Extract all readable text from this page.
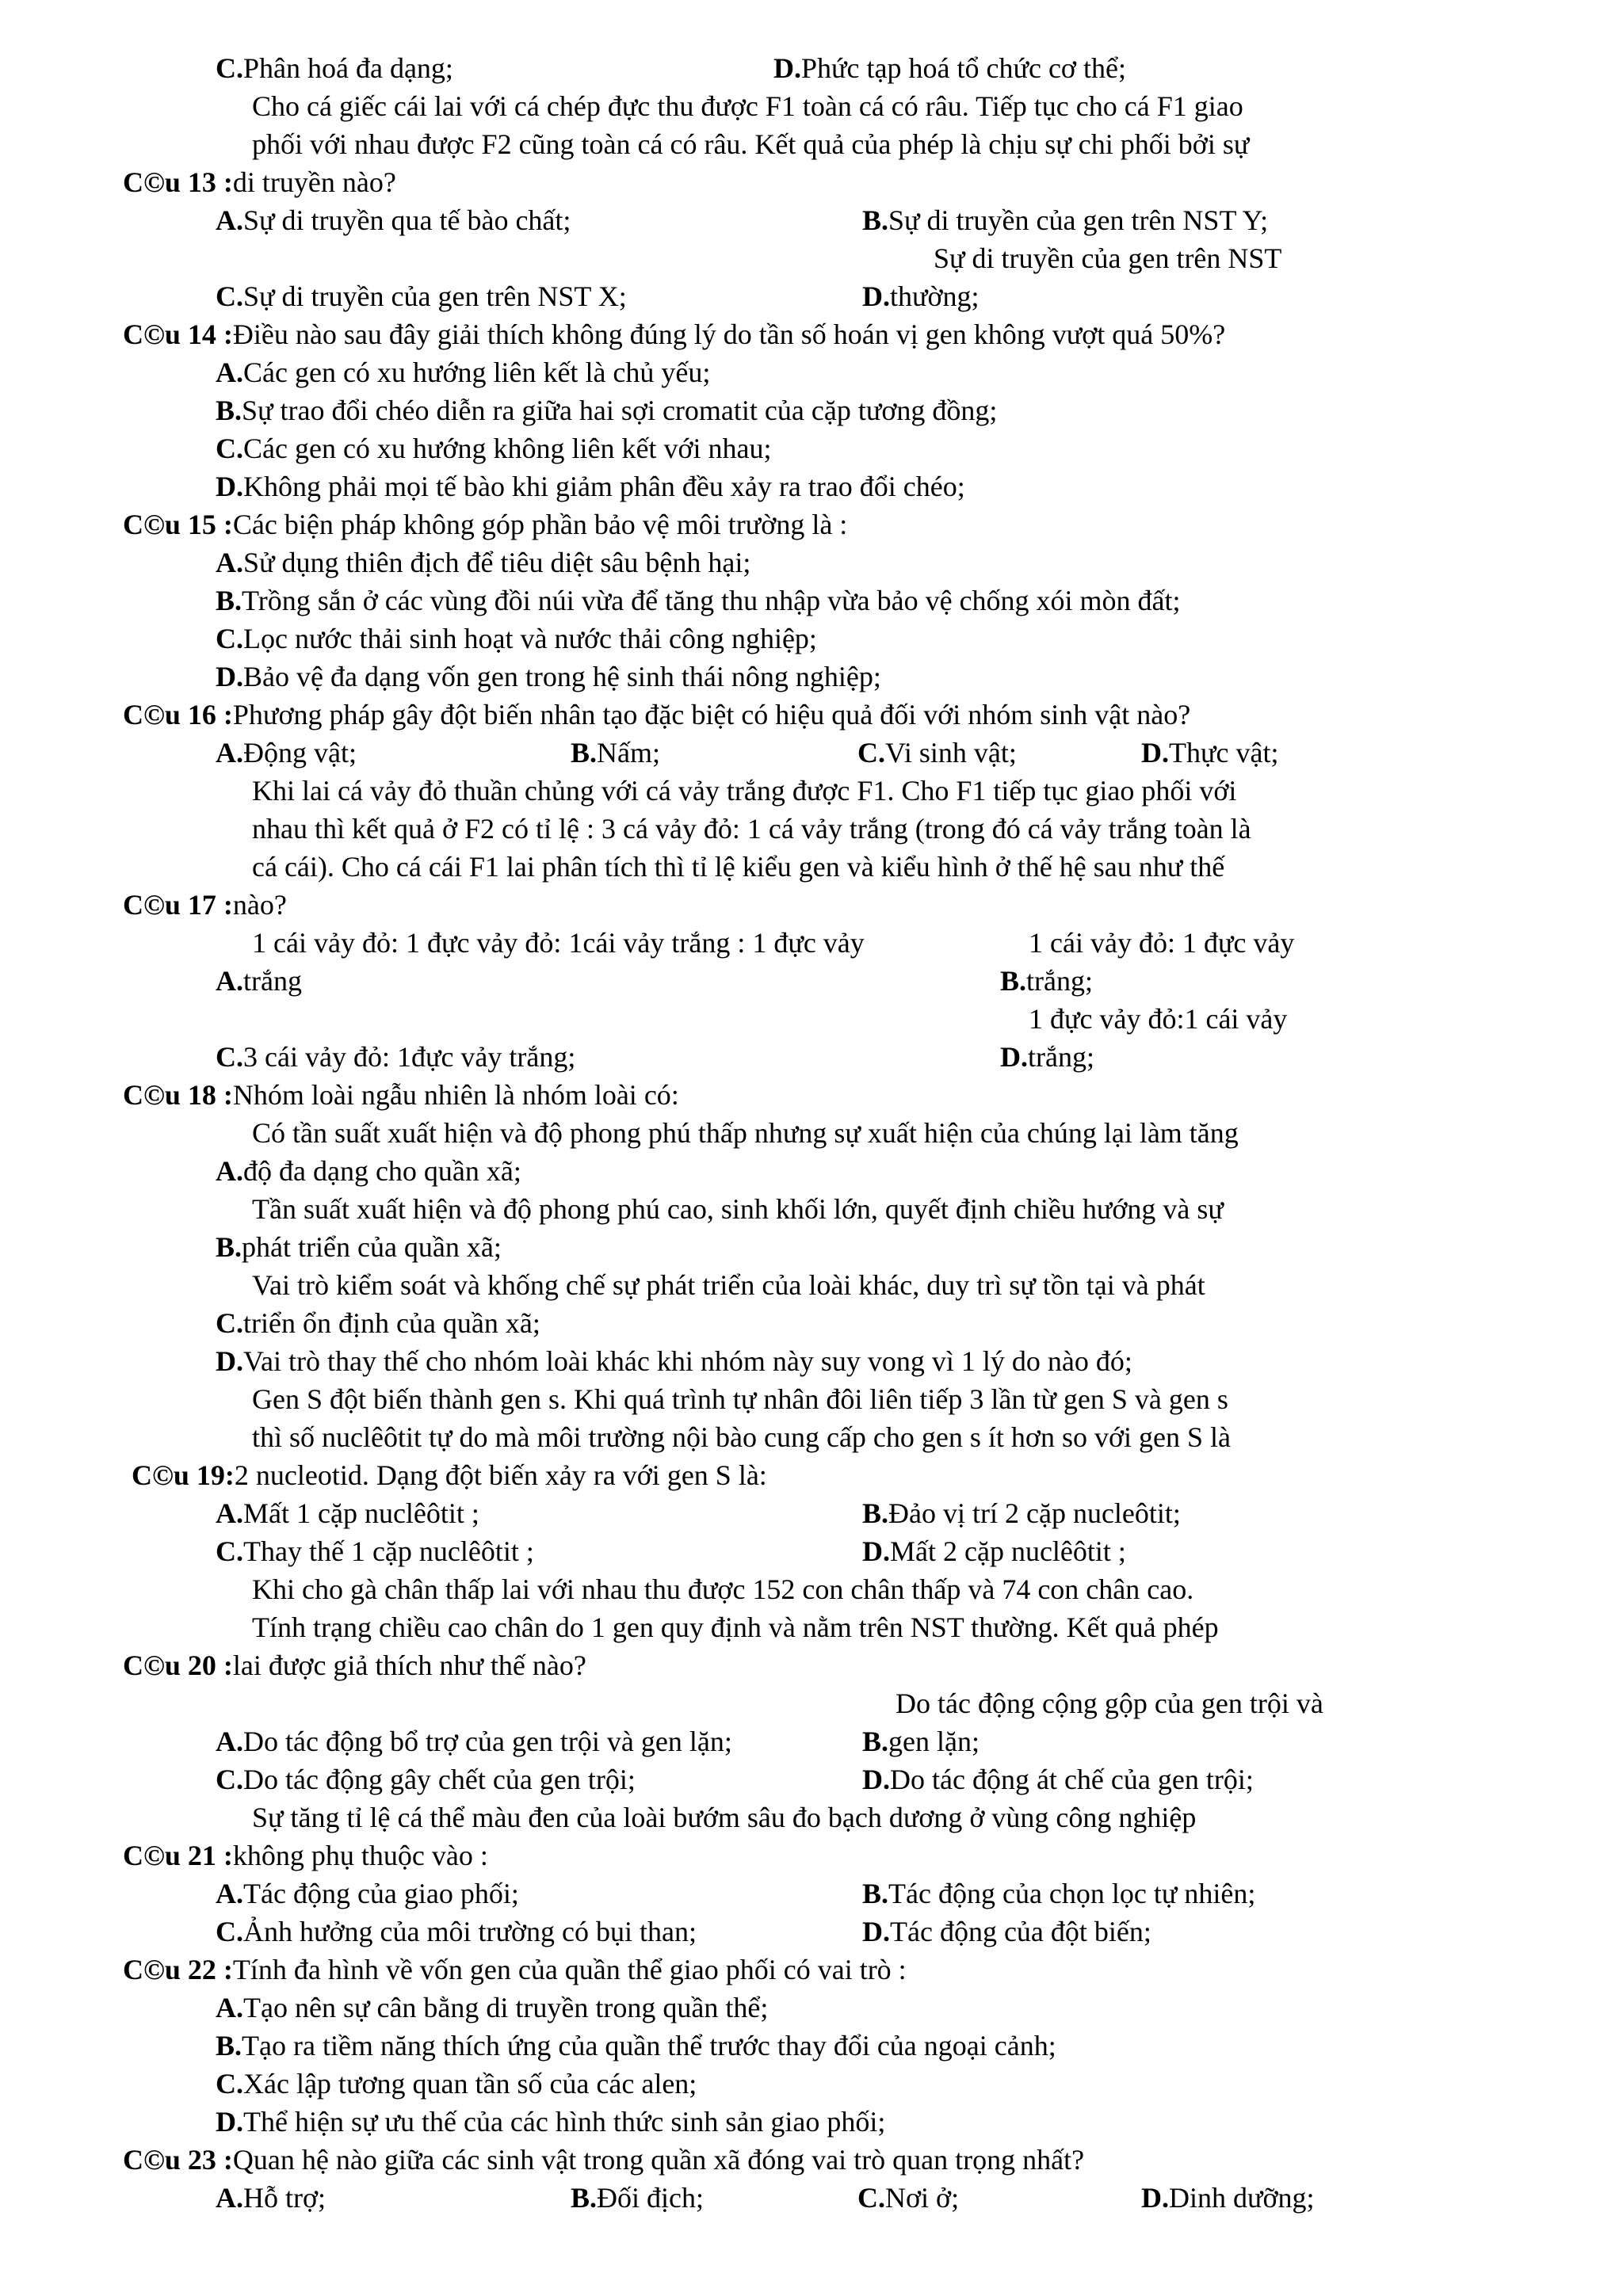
C.Phân hoá đa dạng;	D.Phức tạp hoá tổ chức cơ thể;
Cho cá giếc cái lai với cá chép đực thu được F1 toàn cá có râu. Tiếp tục cho cá F1 giao
phối với nhau được F2 cũng toàn cá có râu. Kết quả của phép là chịu sự chi phối bởi sự
C©u 13 :di truyền nào?
A.Sự di truyền qua tế bào chất;	B.Sự di truyền của gen trên NST Y;
Sự di truyền của gen trên NST
C.Sự di truyền của gen trên NST X;	D.thường;
C©u 14 :Điều nào sau đây giải thích không đúng lý do tần số hoán vị gen không vượt quá 50%?
A.Các gen có xu hướng liên kết là chủ yếu;
B.Sự trao đổi chéo diễn ra giữa hai sợi cromatit của cặp tương đồng;
C.Các gen có xu hướng không liên kết với nhau;
D.Không phải mọi tế bào khi giảm phân đều xảy ra trao đổi chéo;
C©u 15 :Các biện pháp không góp phần bảo vệ môi trường là :
A.Sử dụng thiên địch để tiêu diệt sâu bệnh hại;
B.Trồng sắn ở các vùng đồi núi vừa để tăng thu nhập vừa bảo vệ chống xói mòn đất;
C.Lọc nước thải sinh hoạt và nước thải công nghiệp;
D.Bảo vệ đa dạng vốn gen trong hệ sinh thái nông nghiệp;
C©u 16 :Phương pháp gây đột biến nhân tạo đặc biệt có hiệu quả đối với nhóm sinh vật nào?
A.Động vật;	B.Nấm;	C.Vi sinh vật;	D.Thực vật;
Khi lai cá vảy đỏ thuần chủng với cá vảy trắng được F1. Cho F1 tiếp tục giao phối với
nhau thì kết quả ở F2 có tỉ lệ : 3 cá vảy đỏ: 1 cá vảy trắng (trong đó cá vảy trắng toàn là
cá cái). Cho cá cái F1 lai phân tích thì tỉ lệ kiểu gen và kiểu hình ở thế hệ sau như thế
C©u 17 :nào?
1 cái vảy đỏ: 1 đực vảy đỏ: 1cái vảy trắng : 1 đực vảy	1 cái vảy đỏ: 1 đực vảy
A.trắng	B.trắng;
1 đực vảy đỏ:1 cái vảy
C.3 cái vảy đỏ: 1đực vảy trắng;	D.trắng;
C©u 18 :Nhóm loài ngẫu nhiên là nhóm loài có:
Có tần suất xuất hiện và độ phong phú thấp nhưng sự xuất hiện của chúng lại làm tăng
A.độ đa dạng cho quần xã;
Tần suất xuất hiện và độ phong phú cao, sinh khối lớn, quyết định chiều hướng và sự
B.phát triển của quần xã;
Vai trò kiểm soát và khống chế sự phát triển của loài khác, duy trì sự tồn tại và phát
C.triển ổn định của quần xã;
D.Vai trò thay thế cho nhóm loài khác khi nhóm này suy vong vì 1 lý do nào đó;
Gen S đột biến thành gen s. Khi quá trình tự nhân đôi liên tiếp 3 lần từ gen S và gen s
thì số nuclêôtit tự do mà môi trường nội bào cung cấp cho gen s ít hơn so với gen S là
C©u 19:2 nucleotid. Dạng đột biến xảy ra với gen S là:
A.Mất 1 cặp nuclêôtit ;	B.Đảo vị trí 2 cặp nucleôtit;
C.Thay thế 1 cặp nuclêôtit ;	D.Mất 2 cặp nuclêôtit ;
Khi cho gà chân thấp lai với nhau thu được 152 con chân thấp và 74 con chân cao.
Tính trạng chiều cao chân do 1 gen quy định và nằm trên NST thường. Kết quả phép
C©u 20 :lai được giả thích như thế nào?
Do tác động cộng gộp của gen trội và
A.Do tác động bổ trợ của gen trội và gen lặn;	B.gen lặn;
C.Do tác động gây chết của gen trội;	D.Do tác động át chế của gen trội;
Sự tăng tỉ lệ cá thể màu đen của loài bướm sâu đo bạch dương ở vùng công nghiệp
C©u 21 :không phụ thuộc vào :
A.Tác động của giao phối;	B.Tác động của chọn lọc tự nhiên;
C.Ảnh hưởng của môi trường có bụi than;	D.Tác động của đột biến;
C©u 22 :Tính đa hình về vốn gen của quần thể giao phối có vai trò :
A.Tạo nên sự cân bằng di truyền trong quần thể;
B.Tạo ra tiềm năng thích ứng của quần thể trước thay đổi của ngoại cảnh;
C.Xác lập tương quan tần số của các alen;
D.Thể hiện sự ưu thế của các hình thức sinh sản giao phối;
C©u 23 :Quan hệ nào giữa các sinh vật trong quần xã đóng vai trò quan trọng nhất?
A.Hỗ trợ;	B.Đối địch;	C.Nơi ở;	D.Dinh dưỡng;
